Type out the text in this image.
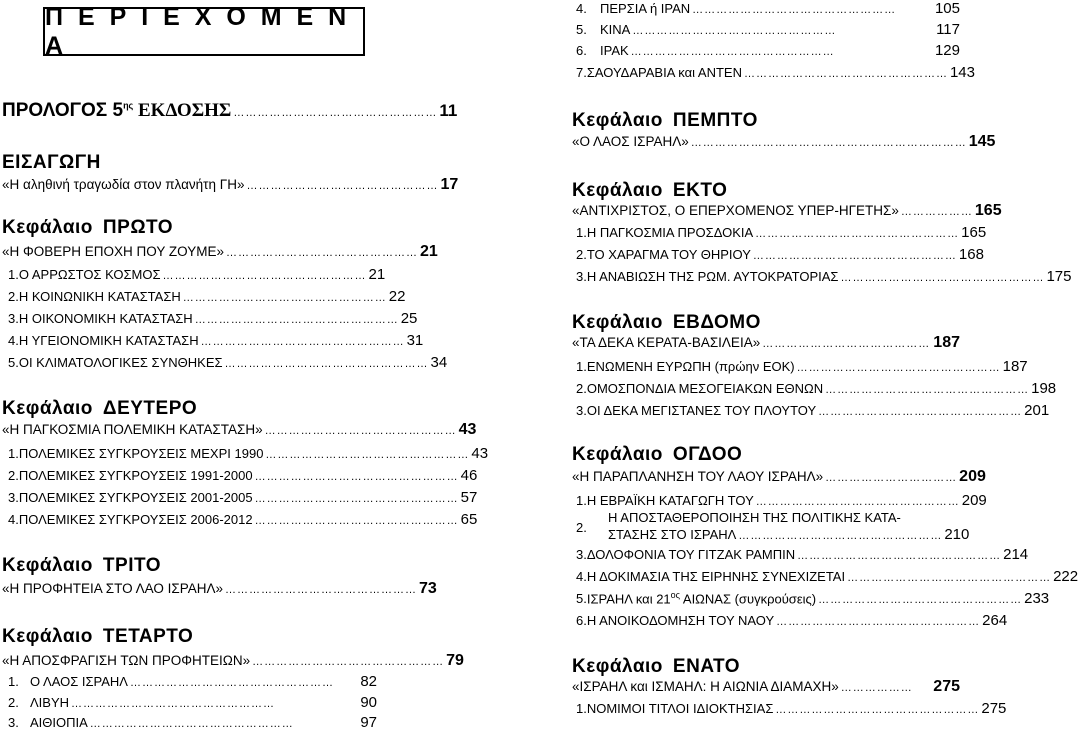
Π Ε Ρ Ι Ε Χ Ο Μ Ε Ν Α
ΠΡΟΛΟΓΟΣ $5^{\eta\varsigma}$ ΕΚΔΟΣΗΣ …………………………………………… 11
ΕΙΣΑΓΩΓΗ
«Η αληθινή τραγωδία στον πλανήτη ΓΗ» ………………………………………… 17
Κεφάλαιο ΠΡΩΤΟ
«Η ΦΟΒΕΡΗ ΕΠΟΧΗ ΠΟΥ ΖΟΥΜΕ» ………………………………………… 21
1. Ο ΑΡΡΩΣΤΟΣ ΚΟΣΜΟΣ …………………………………………… 21
2. Η ΚΟΙΝΩΝΙΚΗ ΚΑΤΑΣΤΑΣΗ …………………………………………… 22
3. Η ΟΙΚΟΝΟΜΙΚΗ ΚΑΤΑΣΤΑΣΗ …………………………………………… 25
4. Η ΥΓΕΙΟΝΟΜΙΚΗ ΚΑΤΑΣΤΑΣΗ …………………………………………… 31
5. ΟΙ ΚΛΙΜΑΤΟΛΟΓΙΚΕΣ ΣΥΝΘΗΚΕΣ …………………………………………… 34
Κεφάλαιο ΔΕΥΤΕΡΟ
«Η ΠΑΓΚΟΣΜΙΑ ΠΟΛΕΜΙΚΗ ΚΑΤΑΣΤΑΣΗ» ………………………………………… 43
1. ΠΟΛΕΜΙΚΕΣ ΣΥΓΚΡΟΥΣΕΙΣ ΜΕΧΡΙ 1990 …………………………………………… 43
2. ΠΟΛΕΜΙΚΕΣ ΣΥΓΚΡΟΥΣΕΙΣ 1991-2000 …………………………………………… 46
3. ΠΟΛΕΜΙΚΕΣ ΣΥΓΚΡΟΥΣΕΙΣ 2001-2005 …………………………………………… 57
4. ΠΟΛΕΜΙΚΕΣ ΣΥΓΚΡΟΥΣΕΙΣ 2006-2012 …………………………………………… 65
Κεφάλαιο ΤΡΙΤΟ
«Η ΠΡΟΦΗΤΕΙΑ ΣΤΟ ΛΑΟ ΙΣΡΑΗΛ» ………………………………………… 73
Κεφάλαιο ΤΕΤΑΡΤΟ
«Η ΑΠΟΣΦΡΑΓΙΣΗ ΤΩΝ ΠΡΟΦΗΤΕΙΩΝ» ………………………………………… 79
1. Ο ΛΑΟΣ ΙΣΡΑΗΛ ……………………………………………	82
2. ΛΙΒΥΗ ……………………………………………	90
3. ΑΙΘΙΟΠΙΑ ……………………………………………	97
4.	ΠΕΡΣΙΑ ή ΙΡΑΝ ……………………………………………	105
5.	ΚΙΝΑ ……………………………………………	117
6.	ΙΡΑΚ ……………………………………………	129
7. ΣΑΟΥΔΑΡΑΒΙΑ και ΑΝΤΕΝ …………………………………………… 143
Κεφάλαιο ΠΕΜΠΤΟ
«Ο ΛΑΟΣ ΙΣΡΑΗΛ» …………………………………………………………… 145
Κεφάλαιο ΕΚΤΟ
«ΑΝΤΙΧΡΙΣΤΟΣ, Ο ΕΠΕΡΧΟΜΕΝΟΣ ΥΠΕΡ-ΗΓΕΤΗΣ» ……………… 165
1. Η ΠΑΓΚΟΣΜΙΑ ΠΡΟΣΔΟΚΙΑ …………………………………………… 165
2. ΤΟ ΧΑΡΑΓΜΑ ΤΟΥ ΘΗΡΙΟΥ …………………………………………… 168
3. Η ΑΝΑΒΙΩΣΗ ΤΗΣ ΡΩΜ. ΑΥΤΟΚΡΑΤΟΡΙΑΣ …………………………………………… 175
Κεφάλαιο ΕΒΔΟΜΟ
«ΤΑ ΔΕΚΑ ΚΕΡΑΤΑ-ΒΑΣΙΛΕΙΑ» …………………………………… 187
1. ΕΝΩΜΕΝΗ ΕΥΡΩΠΗ (πρώην ΕΟΚ) …………………………………………… 187
2. ΟΜΟΣΠΟΝΔΙΑ ΜΕΣΟΓΕΙΑΚΩΝ ΕΘΝΩΝ …………………………………………… 198
3. ΟΙ ΔΕΚΑ ΜΕΓΙΣΤΑΝΕΣ ΤΟΥ ΠΛΟΥΤΟΥ …………………………………………… 201
Κεφάλαιο ΟΓΔΟΟ
«Η ΠΑΡΑΠΛΑΝΗΣΗ ΤΟΥ ΛΑΟΥ ΙΣΡΑΗΛ» …………………………… 209
1. Η ΕΒΡΑΪΚΗ ΚΑΤΑΓΩΓΗ ΤΟΥ …………………………………………… 209
2.
Η ΑΠΟΣΤΑΘΕΡΟΠΟΙΗΣΗ ΤΗΣ ΠΟΛΙΤΙΚΗΣ ΚΑΤΑ-
ΣΤΑΣΗΣ ΣΤΟ ΙΣΡΑΗΛ …………………………………………… 210
3. ΔΟΛΟΦΟΝΙΑ ΤΟΥ ΓΙΤΖΑΚ ΡΑΜΠΙΝ …………………………………………… 214
4. Η ΔΟΚΙΜΑΣΙΑ ΤΗΣ ΕΙΡΗΝΗΣ ΣΥΝΕΧΙΖΕΤΑΙ …………………………………………… 222
5. ΙΣΡΑΗΛ και $21^{o\varsigma}$ ΑΙΩΝΑΣ (συγκρούσεις) …………………………………………… 233
6. Η ΑΝΟΙΚΟΔΟΜΗΣΗ ΤΟΥ ΝΑΟΥ …………………………………………… 264
Κεφάλαιο ΕΝΑΤΟ
«ΙΣΡΑΗΛ και ΙΣΜΑΗΛ: Η ΑΙΩΝΙΑ ΔΙΑΜΑΧΗ» ………………	275
1. ΝΟΜΙΜΟΙ ΤΙΤΛΟΙ ΙΔΙΟΚΤΗΣΙΑΣ …………………………………………… 275
